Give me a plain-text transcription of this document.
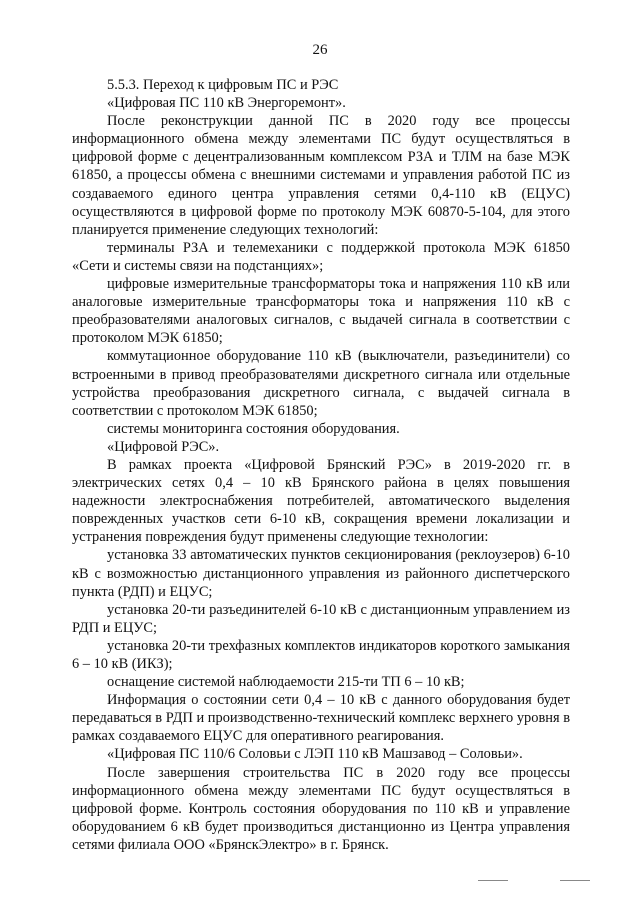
26

5.5.3. Переход к цифровым ПС и РЭС

«Цифровая ПС 110 кВ Энергоремонт».

После реконструкции данной ПС в 2020 году все процессы информационного обмена между элементами ПС будут осуществляться в цифровой форме с децентрализованным комплексом РЗА и ТЛМ на базе МЭК 61850, а процессы обмена с внешними системами и управления работой ПС из создаваемого единого центра управления сетями 0,4-110 кВ (ЕЦУС) осуществляются в цифровой форме по протоколу МЭК 60870-5-104, для этого планируется применение следующих технологий:

терминалы РЗА и телемеханики с поддержкой протокола МЭК 61850 «Сети и системы связи на подстанциях»;

цифровые измерительные трансформаторы тока и напряжения 110 кВ или аналоговые измерительные трансформаторы тока и напряжения 110 кВ с преобразователями аналоговых сигналов, с выдачей сигнала в соответствии с протоколом МЭК 61850;

коммутационное оборудование 110 кВ (выключатели, разъединители) со встроенными в привод преобразователями дискретного сигнала или отдельные устройства преобразования дискретного сигнала, с выдачей сигнала в соответствии с протоколом МЭК 61850;

системы мониторинга состояния оборудования.

«Цифровой РЭС».

В рамках проекта «Цифровой Брянский РЭС» в 2019-2020 гг. в электрических сетях 0,4 – 10 кВ Брянского района в целях повышения надежности электроснабжения потребителей, автоматического выделения поврежденных участков сети 6-10 кВ, сокращения времени локализации и устранения повреждения будут применены следующие технологии:

установка 33 автоматических пунктов секционирования (реклоузеров) 6-10 кВ с возможностью дистанционного управления из районного диспетчерского пункта (РДП) и ЕЦУС;

установка 20-ти разъединителей 6-10 кВ с дистанционным управлением из РДП и ЕЦУС;

установка 20-ти трехфазных комплектов индикаторов короткого замыкания 6 – 10 кВ (ИКЗ);

оснащение системой наблюдаемости 215-ти ТП 6 – 10 кВ;

Информация о состоянии сети 0,4 – 10 кВ с данного оборудования будет передаваться в РДП и производственно-технический комплекс верхнего уровня в рамках создаваемого ЕЦУС для оперативного реагирования.

«Цифровая ПС 110/6 Соловьи с ЛЭП 110 кВ Машзавод – Соловьи».

После завершения строительства ПС в 2020 году все процессы информационного обмена между элементами ПС будут осуществляться в цифровой форме. Контроль состояния оборудования по 110 кВ и управление оборудованием 6 кВ будет производиться дистанционно из Центра управления сетями филиала ООО «БрянскЭлектро» в г. Брянск.
